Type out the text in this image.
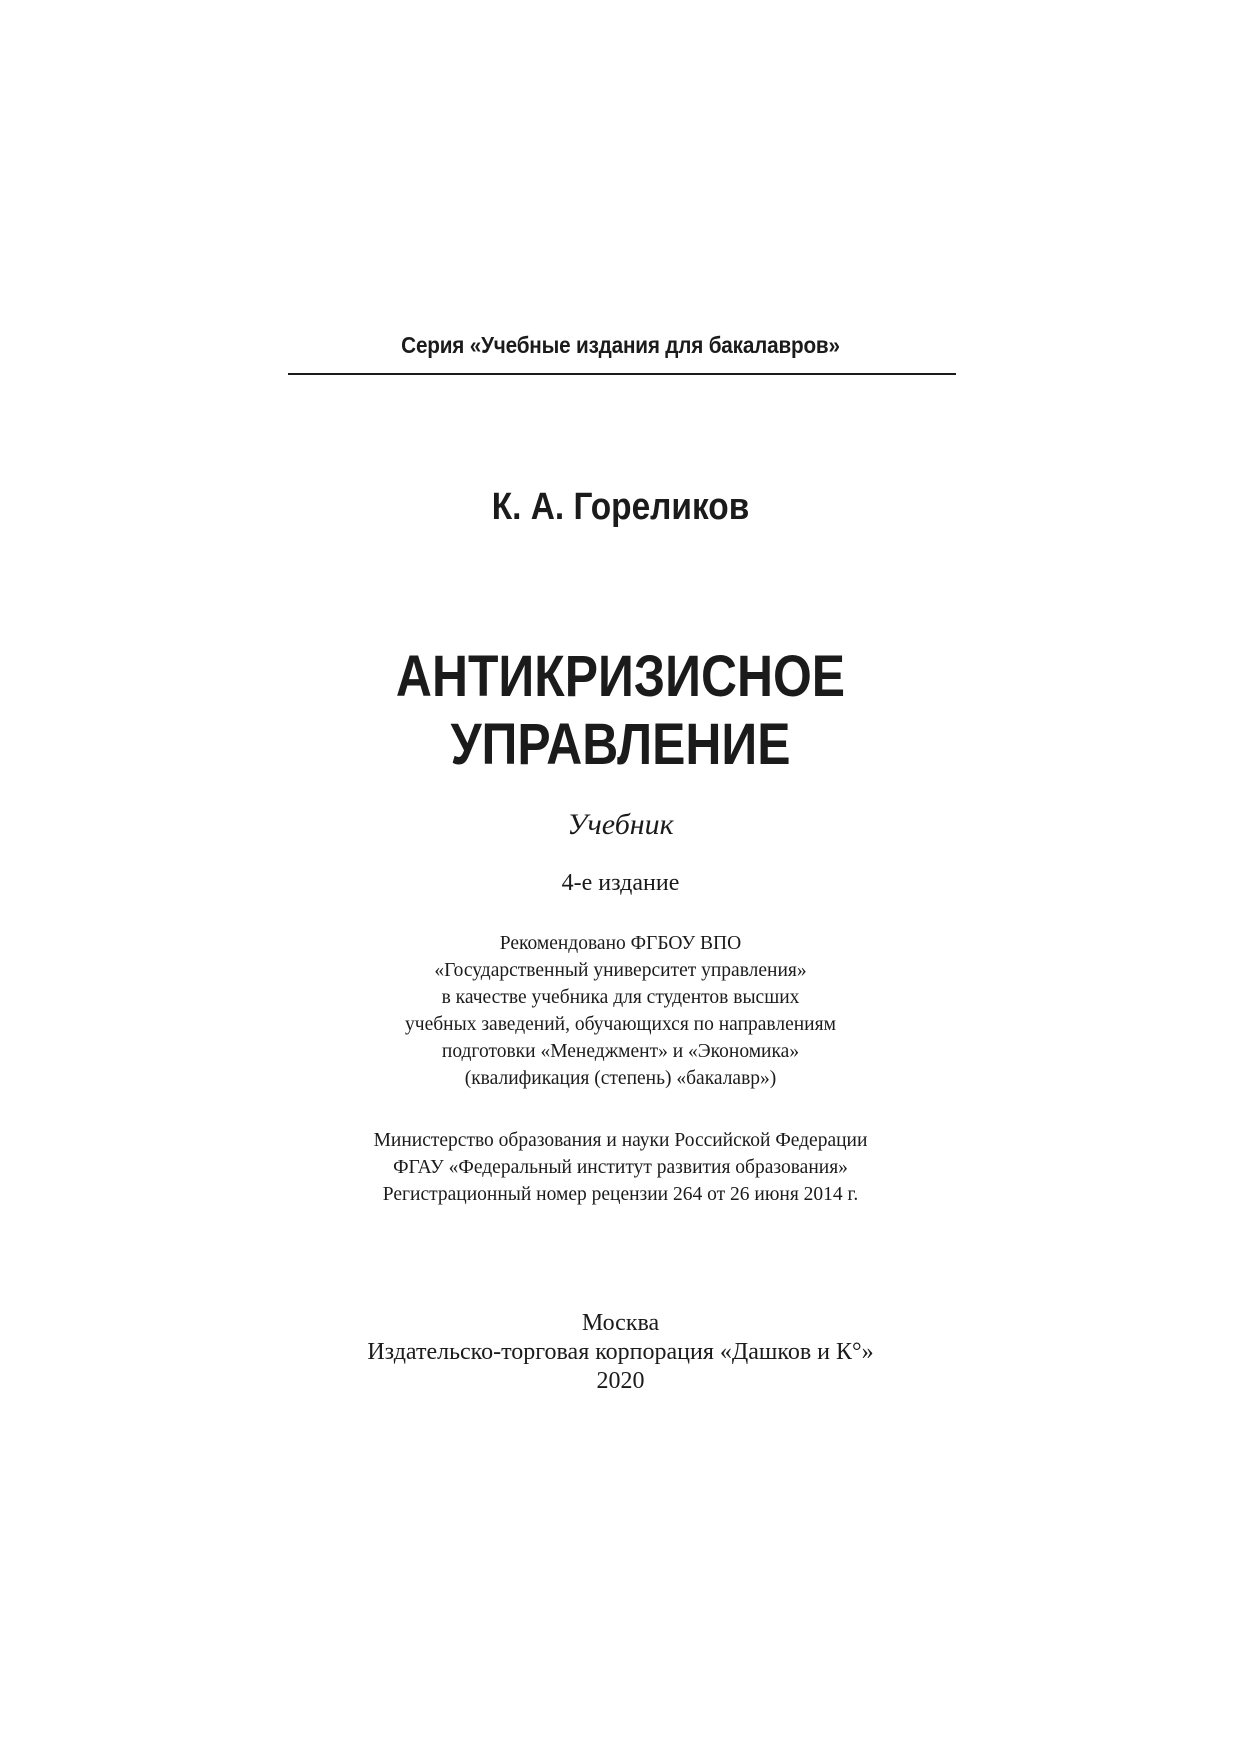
Серия «Учебные издания для бакалавров»
К. А. Гореликов
АНТИКРИЗИСНОЕ
УПРАВЛЕНИЕ
Учебник
4-е издание
Рекомендовано ФГБОУ ВПО
«Государственный университет управления»
в качестве учебника для студентов высших
учебных заведений, обучающихся по направлениям
подготовки «Менеджмент» и «Экономика»
(квалификация (степень) «бакалавр»)
Министерство образования и науки Российской Федерации
ФГАУ «Федеральный институт развития образования»
Регистрационный номер рецензии 264 от 26 июня 2014 г.
Москва
Издательско-торговая корпорация «Дашков и К°»
2020
